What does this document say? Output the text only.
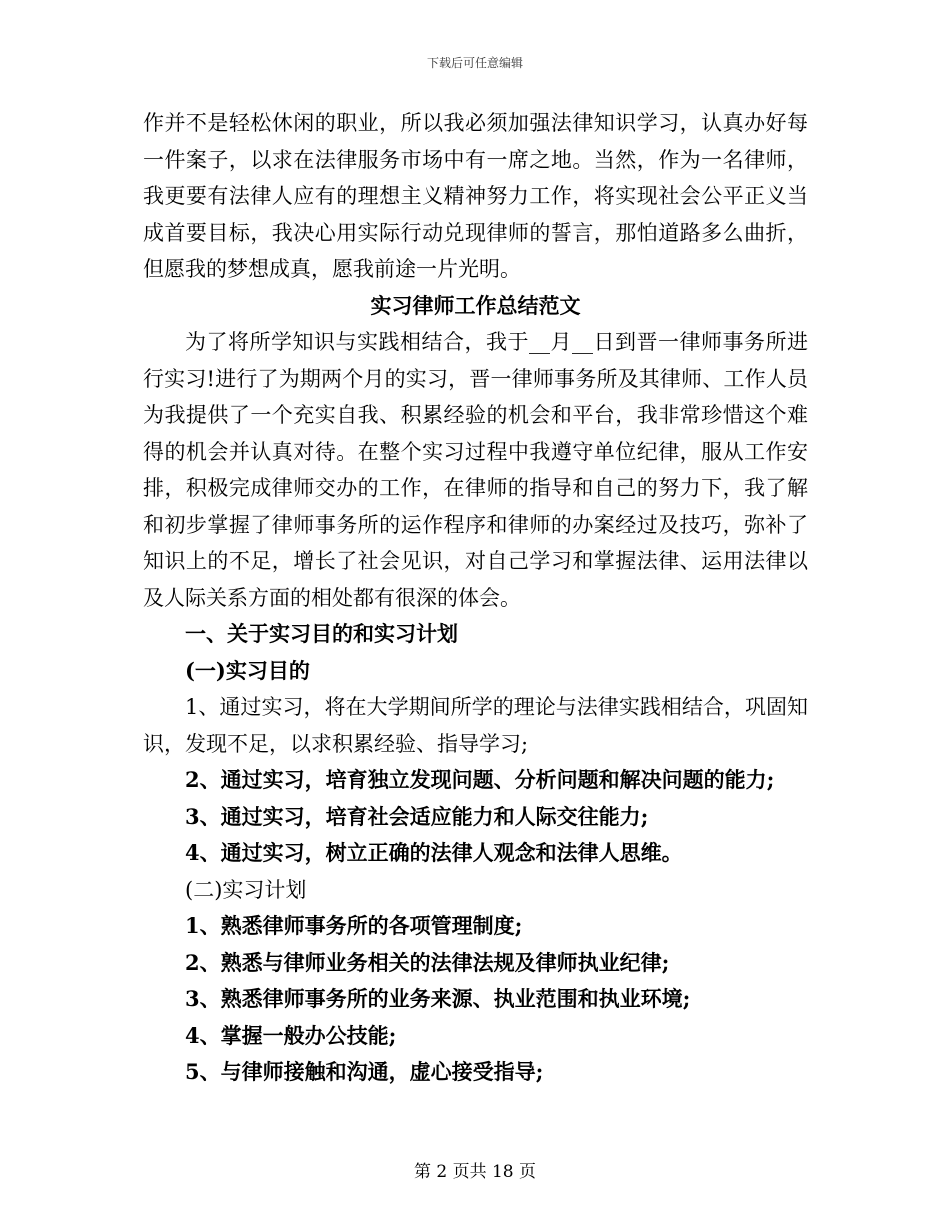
下载后可任意编辑

作并不是轻松休闲的职业，所以我必须加强法律知识学习，认真办好每一件案子，以求在法律服务市场中有一席之地。当然，作为一名律师，我更要有法律人应有的理想主义精神努力工作，将实现社会公平正义当成首要目标，我决心用实际行动兑现律师的誓言，那怕道路多么曲折，但愿我的梦想成真，愿我前途一片光明。

实习律师工作总结范文

为了将所学知识与实践相结合，我于__月__日到晋一律师事务所进行实习!进行了为期两个月的实习，晋一律师事务所及其律师、工作人员为我提供了一个充实自我、积累经验的机会和平台，我非常珍惜这个难得的机会并认真对待。在整个实习过程中我遵守单位纪律，服从工作安排，积极完成律师交办的工作，在律师的指导和自己的努力下，我了解和初步掌握了律师事务所的运作程序和律师的办案经过及技巧，弥补了知识上的不足，增长了社会见识，对自己学习和掌握法律、运用法律以及人际关系方面的相处都有很深的体会。

一、关于实习目的和实习计划

(一)实习目的

1、通过实习，将在大学期间所学的理论与法律实践相结合，巩固知识，发现不足，以求积累经验、指导学习;

2、通过实习，培育独立发现问题、分析问题和解决问题的能力;

3、通过实习，培育社会适应能力和人际交往能力;

4、通过实习，树立正确的法律人观念和法律人思维。

(二)实习计划

1、熟悉律师事务所的各项管理制度;

2、熟悉与律师业务相关的法律法规及律师执业纪律;

3、熟悉律师事务所的业务来源、执业范围和执业环境;

4、掌握一般办公技能;

5、与律师接触和沟通，虚心接受指导;

第 2 页共 18 页
